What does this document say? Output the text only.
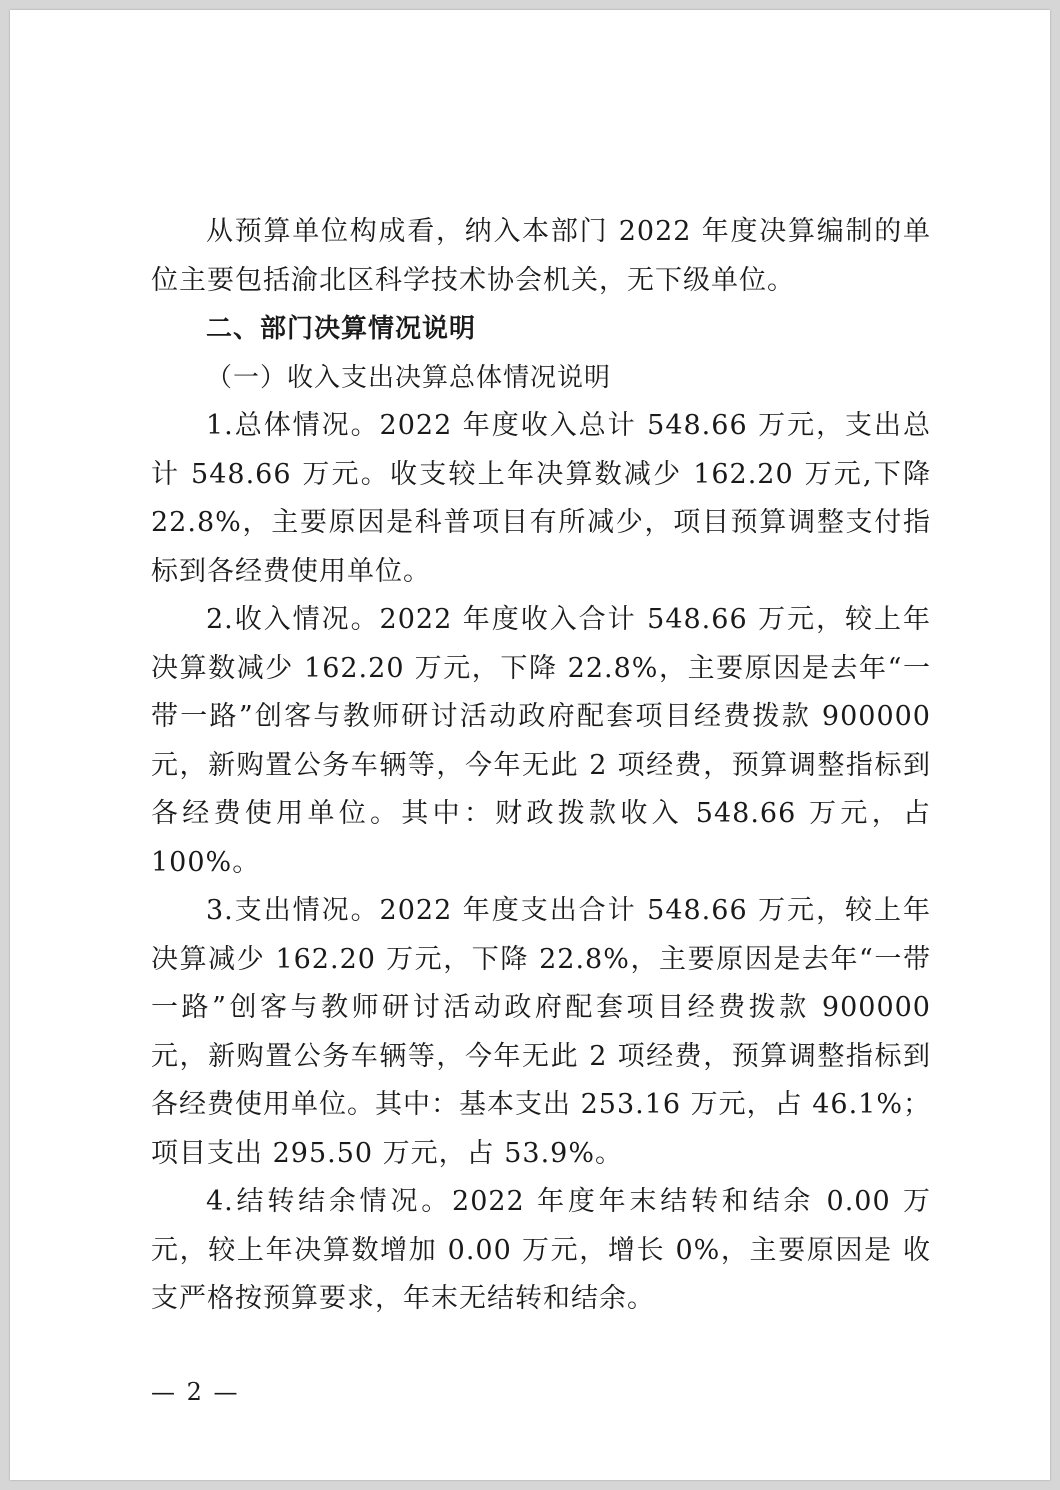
从预算单位构成看，纳入本部门 2022 年度决算编制的单位主要包括渝北区科学技术协会机关，无下级单位。

二、部门决算情况说明

（一）收入支出决算总体情况说明

1.总体情况。2022 年度收入总计 548.66 万元，支出总计 548.66 万元。收支较上年决算数减少 162.20 万元,下降 22.8%，主要原因是科普项目有所减少，项目预算调整支付指标到各经费使用单位。

2.收入情况。2022 年度收入合计 548.66 万元，较上年决算数减少 162.20 万元，下降 22.8%，主要原因是去年“一带一路”创客与教师研讨活动政府配套项目经费拨款 900000 元，新购置公务车辆等，今年无此 2 项经费，预算调整指标到各经费使用单位。其中：财政拨款收入 548.66 万元，占 100%。

3.支出情况。2022 年度支出合计 548.66 万元，较上年决算减少 162.20 万元，下降 22.8%，主要原因是去年“一带一路”创客与教师研讨活动政府配套项目经费拨款 900000 元，新购置公务车辆等，今年无此 2 项经费，预算调整指标到各经费使用单位。其中：基本支出 253.16 万元，占 46.1%；项目支出 295.50 万元，占 53.9%。

4.结转结余情况。2022 年度年末结转和结余 0.00 万元，较上年决算数增加 0.00 万元，增长 0%，主要原因是 收支严格按预算要求，年末无结转和结余。

— 2 —
